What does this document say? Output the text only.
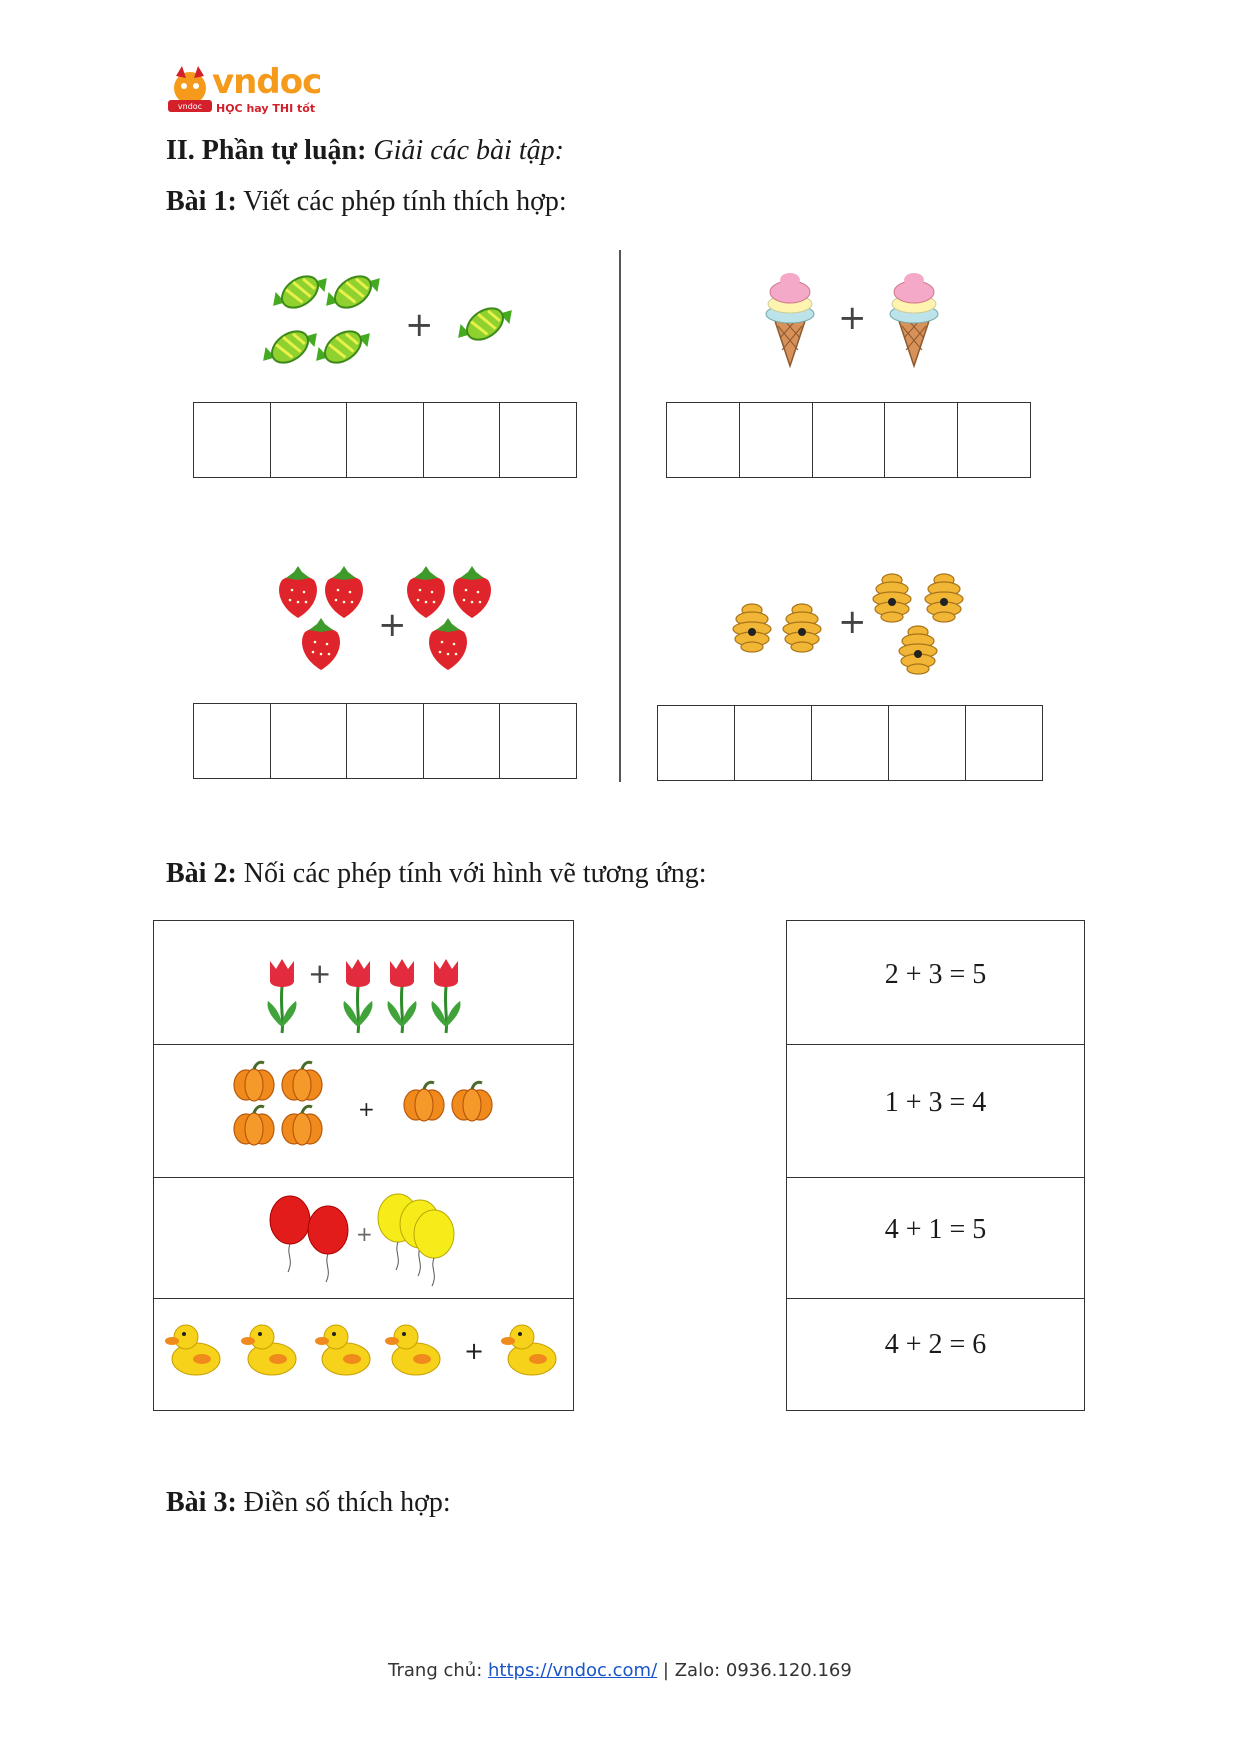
vndoc
vndoc
HỌC hay THI tốt
II. Phần tự luận: Giải các bài tập:
Bài 1: Viết các phép tính thích hợp:
+	+
+	+
Bài 2: Nối các phép tính với hình vẽ tương ứng:
+
+
+
+
2 + 3 = 5
1 + 3 = 4
4 + 1 = 5
4 + 2 = 6
Bài 3: Điền số thích hợp:
Trang chủ: https://vndoc.com/ | Zalo: 0936.120.169
